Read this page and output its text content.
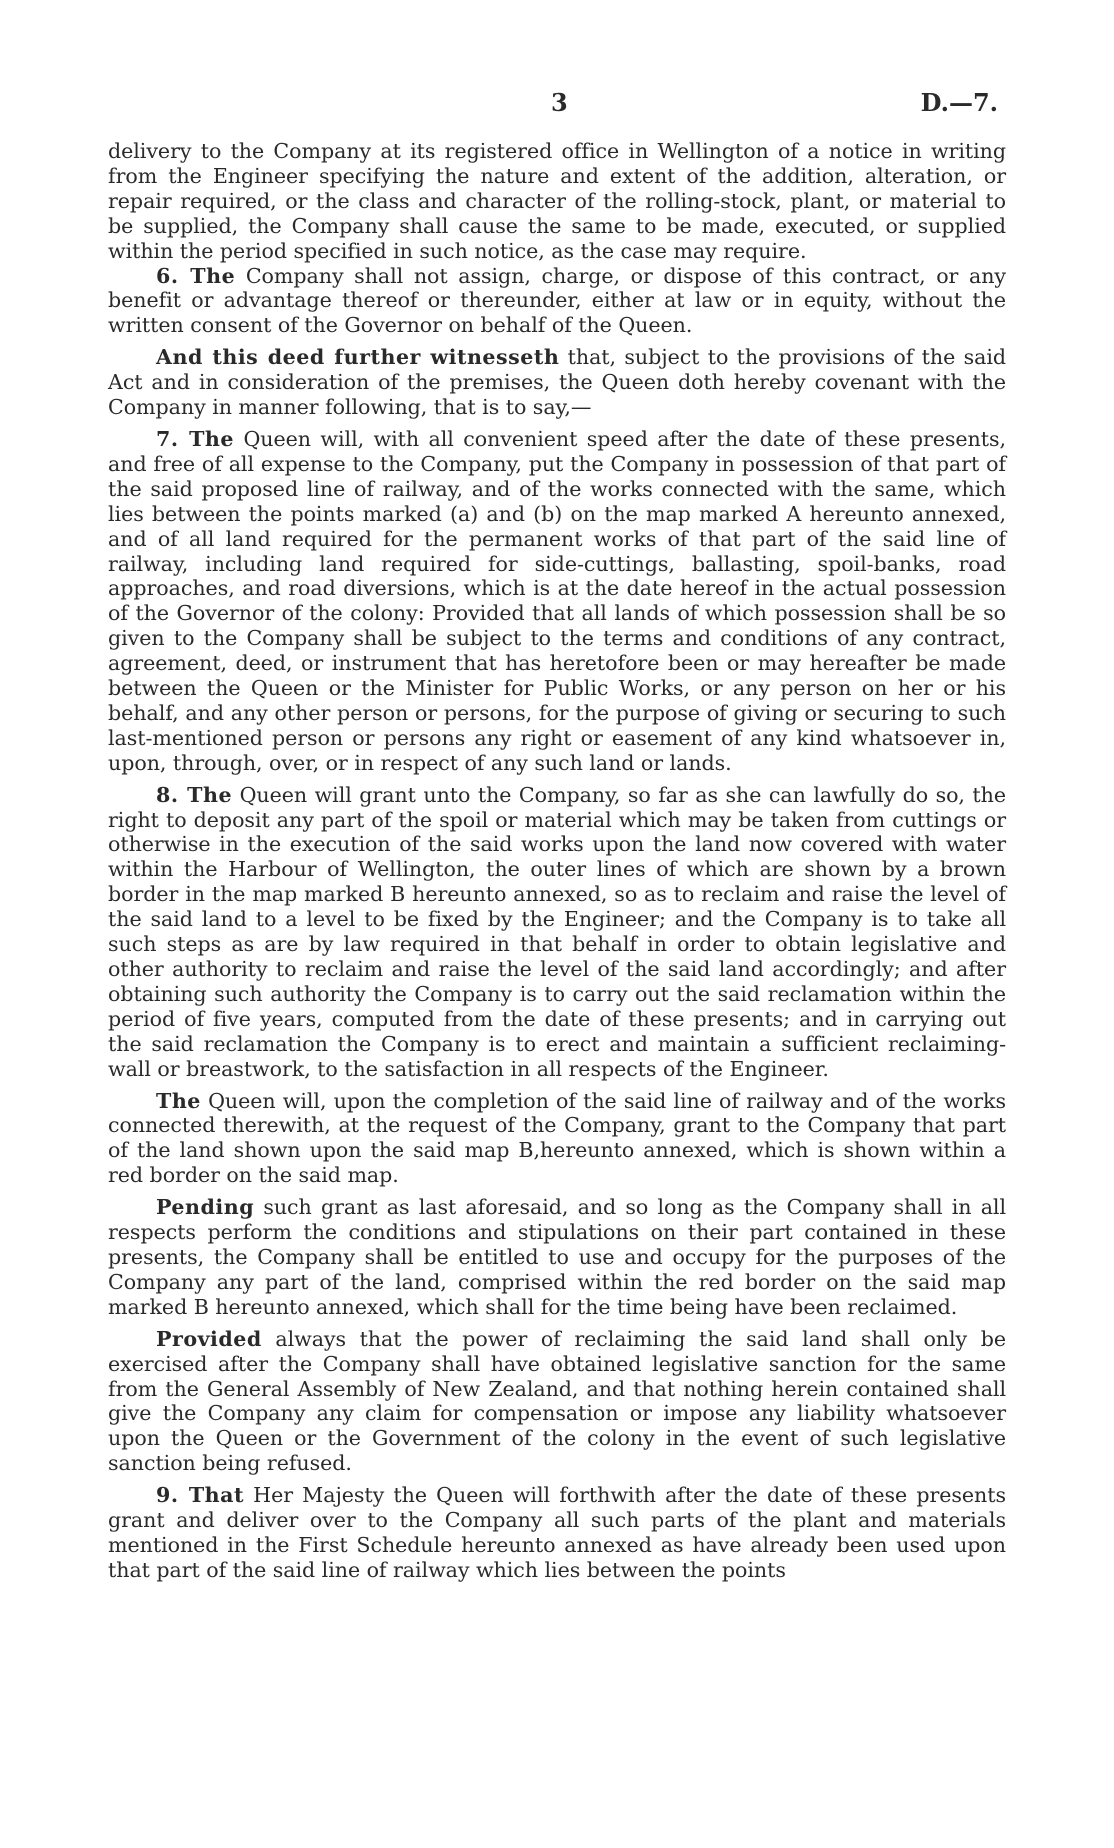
3	D.—7.

delivery to the Company at its registered office in Wellington of a notice in writing from the Engineer specifying the nature and extent of the addition, alteration, or repair required, or the class and character of the rolling-stock, plant, or material to be supplied, the Company shall cause the same to be made, executed, or supplied within the period specified in such notice, as the case may require.

6. The Company shall not assign, charge, or dispose of this contract, or any benefit or advantage thereof or thereunder, either at law or in equity, without the written consent of the Governor on behalf of the Queen.

And this deed further witnesseth that, subject to the provisions of the said Act and in consideration of the premises, the Queen doth hereby covenant with the Company in manner following, that is to say,—

7. The Queen will, with all convenient speed after the date of these presents, and free of all expense to the Company, put the Company in possession of that part of the said proposed line of railway, and of the works connected with the same, which lies between the points marked (a) and (b) on the map marked A hereunto annexed, and of all land required for the permanent works of that part of the said line of railway, including land required for side-cuttings, ballasting, spoil-banks, road approaches, and road diversions, which is at the date hereof in the actual possession of the Governor of the colony: Provided that all lands of which possession shall be so given to the Company shall be subject to the terms and conditions of any contract, agreement, deed, or instrument that has heretofore been or may hereafter be made between the Queen or the Minister for Public Works, or any person on her or his behalf, and any other person or persons, for the purpose of giving or securing to such last-mentioned person or persons any right or easement of any kind whatsoever in, upon, through, over, or in respect of any such land or lands.

8. The Queen will grant unto the Company, so far as she can lawfully do so, the right to deposit any part of the spoil or material which may be taken from cuttings or otherwise in the execution of the said works upon the land now covered with water within the Harbour of Wellington, the outer lines of which are shown by a brown border in the map marked B hereunto annexed, so as to reclaim and raise the level of the said land to a level to be fixed by the Engineer; and the Company is to take all such steps as are by law required in that behalf in order to obtain legislative and other authority to reclaim and raise the level of the said land accordingly; and after obtaining such authority the Company is to carry out the said reclamation within the period of five years, computed from the date of these presents; and in carrying out the said reclamation the Company is to erect and maintain a sufficient reclaiming-wall or breastwork, to the satisfaction in all respects of the Engineer.

The Queen will, upon the completion of the said line of railway and of the works connected therewith, at the request of the Company, grant to the Company that part of the land shown upon the said map B,hereunto annexed, which is shown within a red border on the said map.

Pending such grant as last aforesaid, and so long as the Company shall in all respects perform the conditions and stipulations on their part contained in these presents, the Company shall be entitled to use and occupy for the purposes of the Company any part of the land, comprised within the red border on the said map marked B hereunto annexed, which shall for the time being have been reclaimed.

Provided always that the power of reclaiming the said land shall only be exercised after the Company shall have obtained legislative sanction for the same from the General Assembly of New Zealand, and that nothing herein contained shall give the Company any claim for compensation or impose any liability whatsoever upon the Queen or the Government of the colony in the event of such legislative sanction being refused.

9. That Her Majesty the Queen will forthwith after the date of these presents grant and deliver over to the Company all such parts of the plant and materials mentioned in the First Schedule hereunto annexed as have already been used upon that part of the said line of railway which lies between the points
